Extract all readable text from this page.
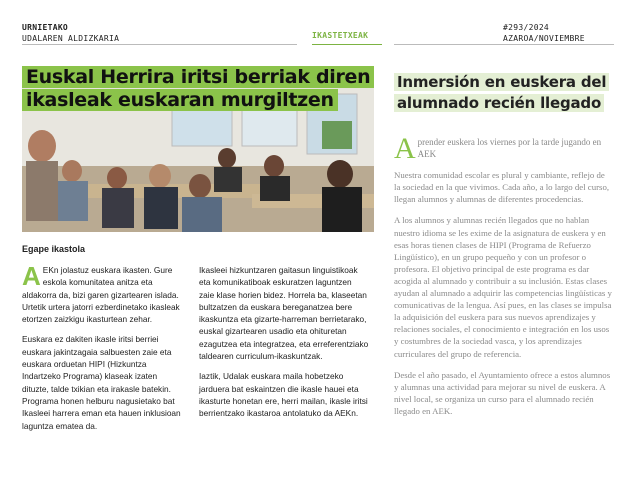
URNIETAKO
UDALAREN ALDIZKARIA	IKASTETXEAK
#293/2024
AZAROA/NOVIEMBRE
Euskal Herrira iritsi berriak diren ikasleak euskaran murgiltzen
Egape ikastola

A EKn jolastuz euskara ikasten. Gure eskola komunitatea anitza eta aldakorra da, bizi garen gizartearen islada. Urtetik urtera jatorri ezberdinetako ikasleak etortzen zaizkigu ikasturtean zehar.

Euskara ez dakiten ikasle iritsi berriei euskara jakintzagaia salbuesten zaie eta euskara orduetan HIPI (Hizkuntza Indartzeko Programa) klaseak izaten dituzte, talde txikian eta irakasle batekin. Programa honen helburu nagusietako bat Ikasleei harrera eman eta hauen inklusioan laguntza ematea da.

Ikasleei hizkuntzaren gaitasun linguistikoak eta komunikatiboak eskuratzen laguntzen zaie klase horien bidez. Horrela ba, klaseetan bultzatzen da euskara bereganatzea bere ikaskuntza eta gizarte-harreman berrietarako, euskal gizartearen usadio eta ohituretan ezagutzea eta integratzea, eta erreferentziako taldearen curriculum-ikaskuntzak.

Iaztik, Udalak euskara maila hobetzeko jarduera bat eskaintzen die ikasle hauei eta ikasturte honetan ere, herri mailan, ikasle iritsi berrientzako ikastaroa antolatuko da AEKn.

Inmersión en euskera del alumnado recién llegado

Aprender euskera los viernes por la tarde jugando en AEK

Nuestra comunidad escolar es plural y cambiante, reflejo de la sociedad en la que vivimos. Cada año, a lo largo del curso, llegan alumnos y alumnas de diferentes procedencias.

A los alumnos y alumnas recién llegados que no hablan nuestro idioma se les exime de la asignatura de euskera y en esas horas tienen clases de HIPI (Programa de Refuerzo Lingüístico), en un grupo pequeño y con un profesor o profesora. El objetivo principal de este programa es dar acogida al alumnado y contribuir a su inclusión. Estas clases ayudan al alumnado a adquirir las competencias lingüísticas y comunicativas de la lengua. Así pues, en las clases se impulsa la adquisición del euskera para sus nuevos aprendizajes y relaciones sociales, el conocimiento e integración en los usos y costumbres de la sociedad vasca, y los aprendizajes curriculares del grupo de referencia.

Desde el año pasado, el Ayuntamiento ofrece a estos alumnos y alumnas una actividad para mejorar su nivel de euskera. A nivel local, se organiza un curso para el alumnado recién llegado en AEK.
